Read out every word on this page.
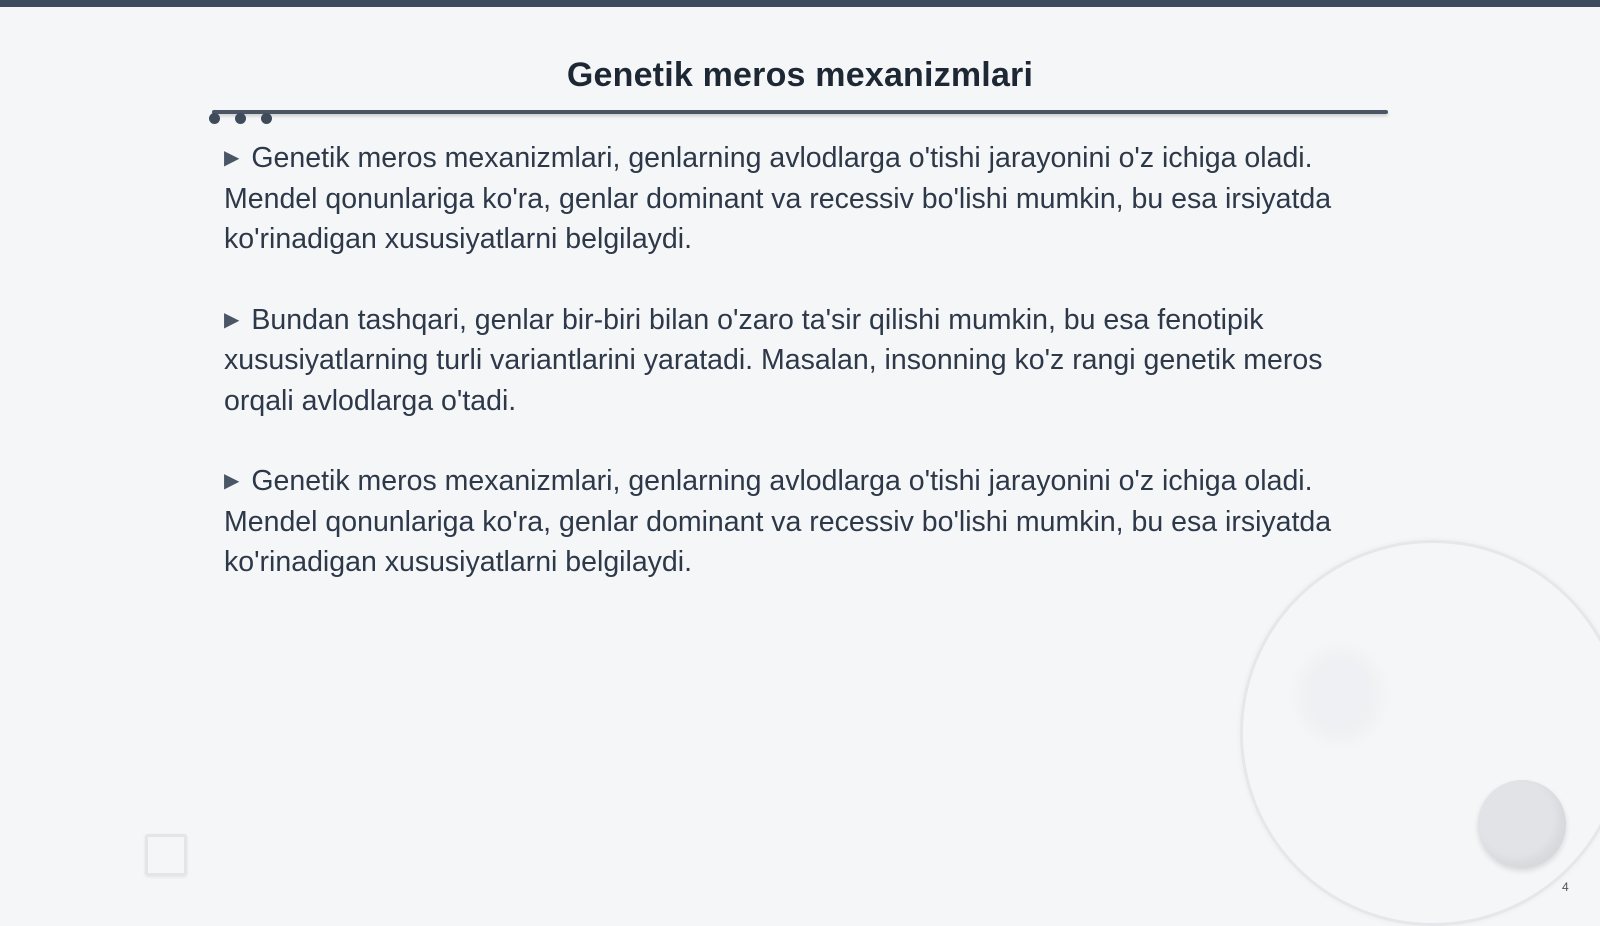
Genetik meros mexanizmlari

▶ Genetik meros mexanizmlari, genlarning avlodlarga o'tishi jarayonini o'z ichiga oladi. Mendel qonunlariga ko'ra, genlar dominant va recessiv bo'lishi mumkin, bu esa irsiyatda ko'rinadigan xususiyatlarni belgilaydi.

▶ Bundan tashqari, genlar bir-biri bilan o'zaro ta'sir qilishi mumkin, bu esa fenotipik xususiyatlarning turli variantlarini yaratadi. Masalan, insonning ko'z rangi genetik meros orqali avlodlarga o'tadi.

▶ Genetik meros mexanizmlari, genlarning avlodlarga o'tishi jarayonini o'z ichiga oladi. Mendel qonunlariga ko'ra, genlar dominant va recessiv bo'lishi mumkin, bu esa irsiyatda ko'rinadigan xususiyatlarni belgilaydi.

4
